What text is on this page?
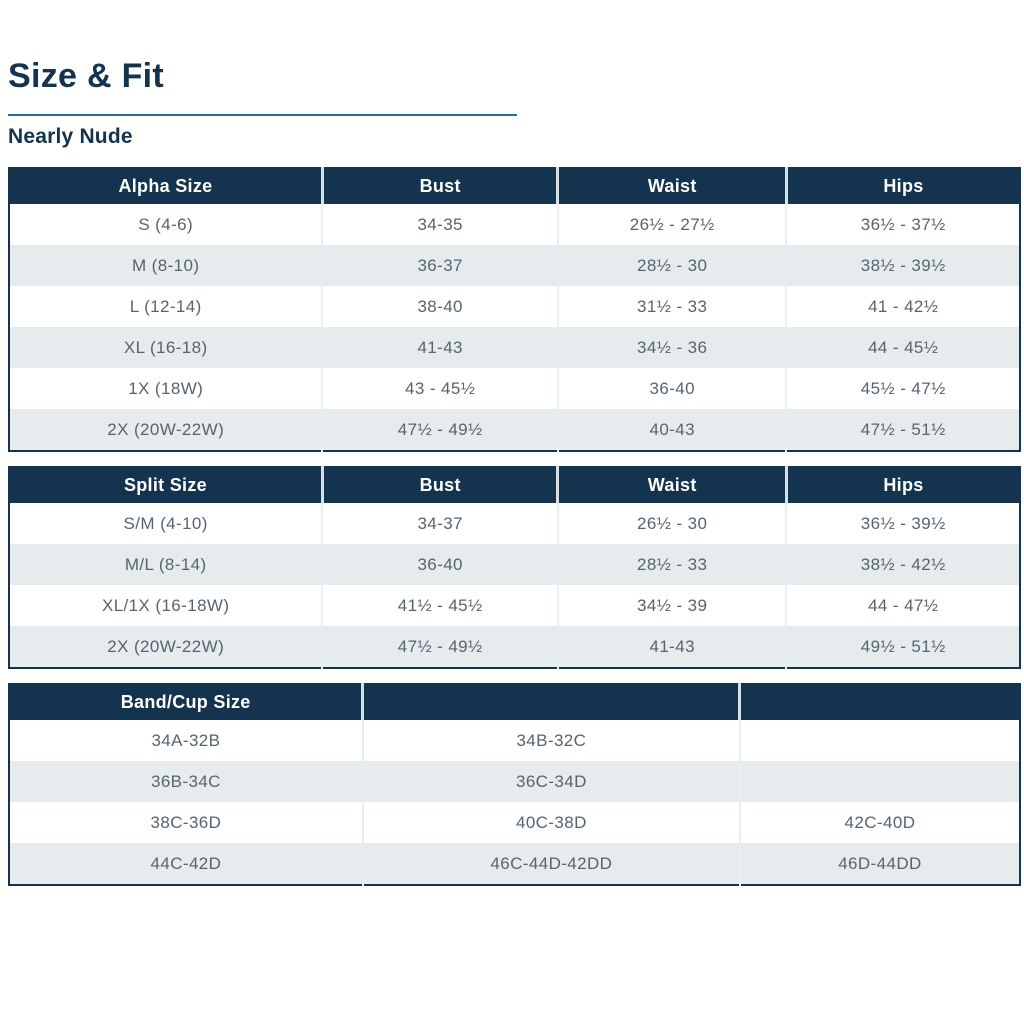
Size & Fit
Nearly Nude
Alpha Size	Bust	Waist	Hips
S (4-6)	34-35	26½ - 27½	36½ - 37½
M (8-10)	36-37	28½ - 30	38½ - 39½
L (12-14)	38-40	31½ - 33	41 - 42½
XL (16-18)	41-43	34½ - 36	44 - 45½
1X (18W)	43 - 45½	36-40	45½ - 47½
2X (20W-22W)	47½ - 49½	40-43	47½ - 51½
Split Size	Bust	Waist	Hips
S/M (4-10)	34-37	26½ - 30	36½ - 39½
M/L (8-14)	36-40	28½ - 33	38½ - 42½
XL/1X (16-18W)	41½ - 45½	34½ - 39	44 - 47½
2X (20W-22W)	47½ - 49½	41-43	49½ - 51½
Band/Cup Size		
34A-32B	34B-32C	
36B-34C	36C-34D	
38C-36D	40C-38D	42C-40D
44C-42D	46C-44D-42DD	46D-44DD
